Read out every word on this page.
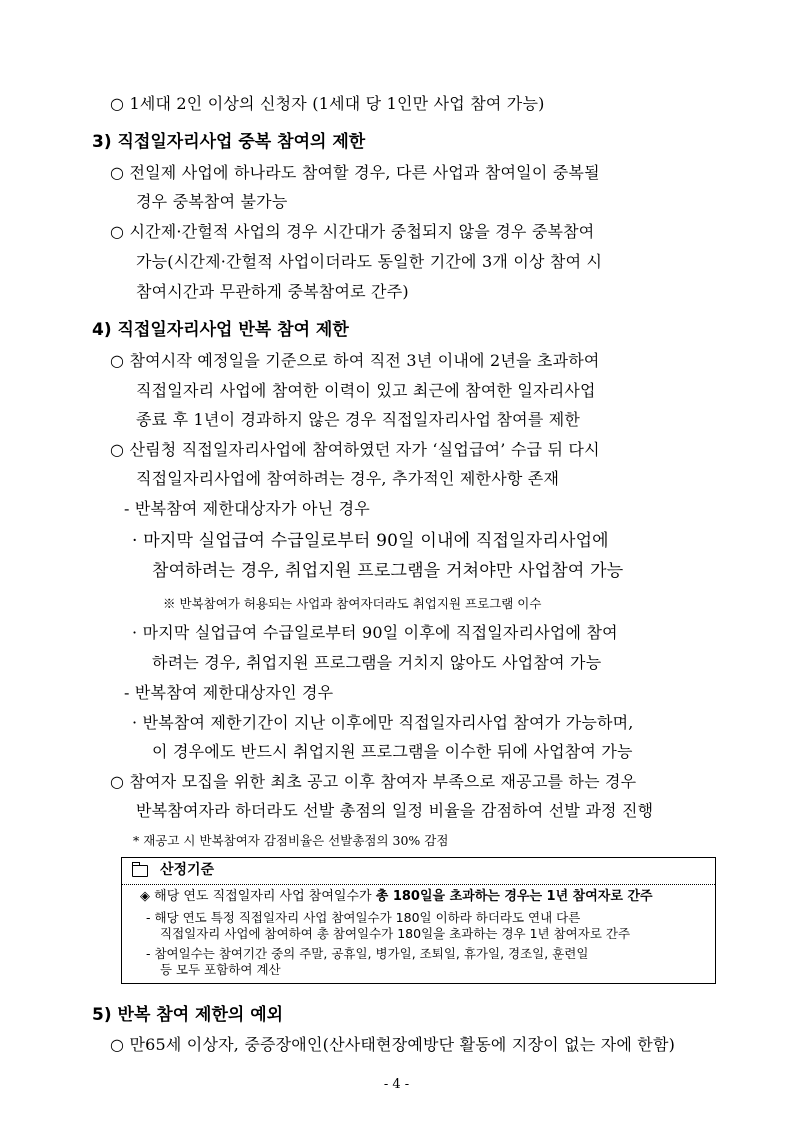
○ 1세대 2인 이상의 신청자 (1세대 당 1인만 사업 참여 가능)
3) 직접일자리사업 중복 참여의 제한
○ 전일제 사업에 하나라도 참여할 경우, 다른 사업과 참여일이 중복될
경우 중복참여 불가능
○ 시간제·간헐적 사업의 경우 시간대가 중첩되지 않을 경우 중복참여
가능(시간제·간헐적 사업이더라도 동일한 기간에 3개 이상 참여 시
참여시간과 무관하게 중복참여로 간주)
4) 직접일자리사업 반복 참여 제한
○ 참여시작 예정일을 기준으로 하여 직전 3년 이내에 2년을 초과하여
직접일자리 사업에 참여한 이력이 있고 최근에 참여한 일자리사업
종료 후 1년이 경과하지 않은 경우 직접일자리사업 참여를 제한
○ 산림청 직접일자리사업에 참여하였던 자가 ‘실업급여’ 수급 뒤 다시
직접일자리사업에 참여하려는 경우, 추가적인 제한사항 존재
- 반복참여 제한대상자가 아닌 경우
· 마지막 실업급여 수급일로부터 90일 이내에 직접일자리사업에
참여하려는 경우, 취업지원 프로그램을 거쳐야만 사업참여 가능
※ 반복참여가 허용되는 사업과 참여자더라도 취업지원 프로그램 이수
· 마지막 실업급여 수급일로부터 90일 이후에 직접일자리사업에 참여
하려는 경우, 취업지원 프로그램을 거치지 않아도 사업참여 가능
- 반복참여 제한대상자인 경우
· 반복참여 제한기간이 지난 이후에만 직접일자리사업 참여가 가능하며,
이 경우에도 반드시 취업지원 프로그램을 이수한 뒤에 사업참여 가능
○ 참여자 모집을 위한 최초 공고 이후 참여자 부족으로 재공고를 하는 경우
반복참여자라 하더라도 선발 총점의 일정 비율을 감점하여 선발 과정 진행
* 재공고 시 반복참여자 감점비율은 선발총점의 30% 감점
산정기준
◈ 해당 연도 직접일자리 사업 참여일수가 총 180일을 초과하는 경우는 1년 참여자로 간주
- 해당 연도 특정 직접일자리 사업 참여일수가 180일 이하라 하더라도 연내 다른
직접일자리 사업에 참여하여 총 참여일수가 180일을 초과하는 경우 1년 참여자로 간주
- 참여일수는 참여기간 중의 주말, 공휴일, 병가일, 조퇴일, 휴가일, 경조일, 훈련일
등 모두 포함하여 계산
5) 반복 참여 제한의 예외
○ 만65세 이상자, 중증장애인(산사태현장예방단 활동에 지장이 없는 자에 한함)
- 4 -
